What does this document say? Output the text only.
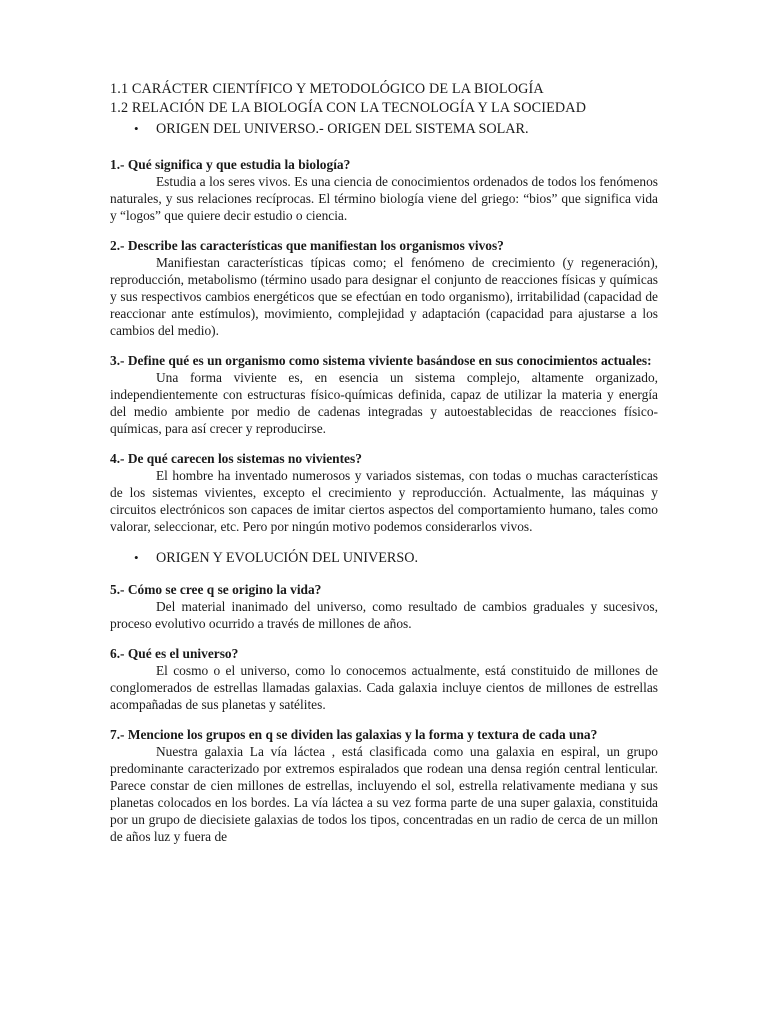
1.1 CARÁCTER CIENTÍFICO Y METODOLÓGICO DE LA BIOLOGÍA
1.2 RELACIÓN DE LA BIOLOGÍA CON LA TECNOLOGÍA Y LA SOCIEDAD
•	ORIGEN DEL UNIVERSO.- ORIGEN DEL SISTEMA SOLAR.
1.- Qué significa y que estudia la biología?
Estudia a los seres vivos. Es una ciencia de conocimientos ordenados de todos los fenómenos naturales, y sus relaciones recíprocas. El término biología viene del griego: “bios” que significa vida y “logos” que quiere decir estudio o ciencia.
2.- Describe las características que manifiestan los organismos vivos?
Manifiestan características típicas como; el fenómeno de crecimiento (y regeneración), reproducción, metabolismo (término usado para designar el conjunto de reacciones físicas y químicas y sus respectivos cambios energéticos que se efectúan en todo organismo), irritabilidad (capacidad de reaccionar ante estímulos), movimiento, complejidad y adaptación (capacidad para ajustarse a los cambios del medio).
3.- Define qué es un organismo como sistema viviente basándose en sus conocimientos actuales:
Una forma viviente es, en esencia un sistema complejo, altamente organizado, independientemente con estructuras físico-químicas definida, capaz de utilizar la materia y energía del medio ambiente por medio de cadenas integradas y autoestablecidas de reacciones físico-químicas, para así crecer y reproducirse.
4.- De qué carecen los sistemas no vivientes?
El hombre ha inventado numerosos y variados sistemas, con todas o muchas características de los sistemas vivientes, excepto el crecimiento y reproducción. Actualmente, las máquinas y circuitos electrónicos son capaces de imitar ciertos aspectos del comportamiento humano, tales como valorar, seleccionar, etc. Pero por ningún motivo podemos considerarlos vivos.
•	ORIGEN Y EVOLUCIÓN DEL UNIVERSO.
5.- Cómo se cree q se origino la vida?
Del material inanimado del universo, como resultado de cambios graduales y sucesivos, proceso evolutivo ocurrido a través de millones de años.
6.- Qué es el universo?
El cosmo o el universo, como lo conocemos actualmente, está constituido de millones de conglomerados de estrellas llamadas galaxias. Cada galaxia incluye cientos de millones de estrellas acompañadas de sus planetas y satélites.
7.- Mencione los grupos en q se dividen las galaxias y la forma y textura de cada una?
Nuestra galaxia La vía láctea , está clasificada como una galaxia en espiral, un grupo predominante caracterizado por extremos espiralados que rodean una densa región central lenticular. Parece constar de cien millones de estrellas, incluyendo el sol, estrella relativamente mediana y sus planetas colocados en los bordes. La vía láctea a su vez forma parte de una super galaxia, constituida por un grupo de diecisiete galaxias de todos los tipos, concentradas en un radio de cerca de un millon de años luz y fuera de
